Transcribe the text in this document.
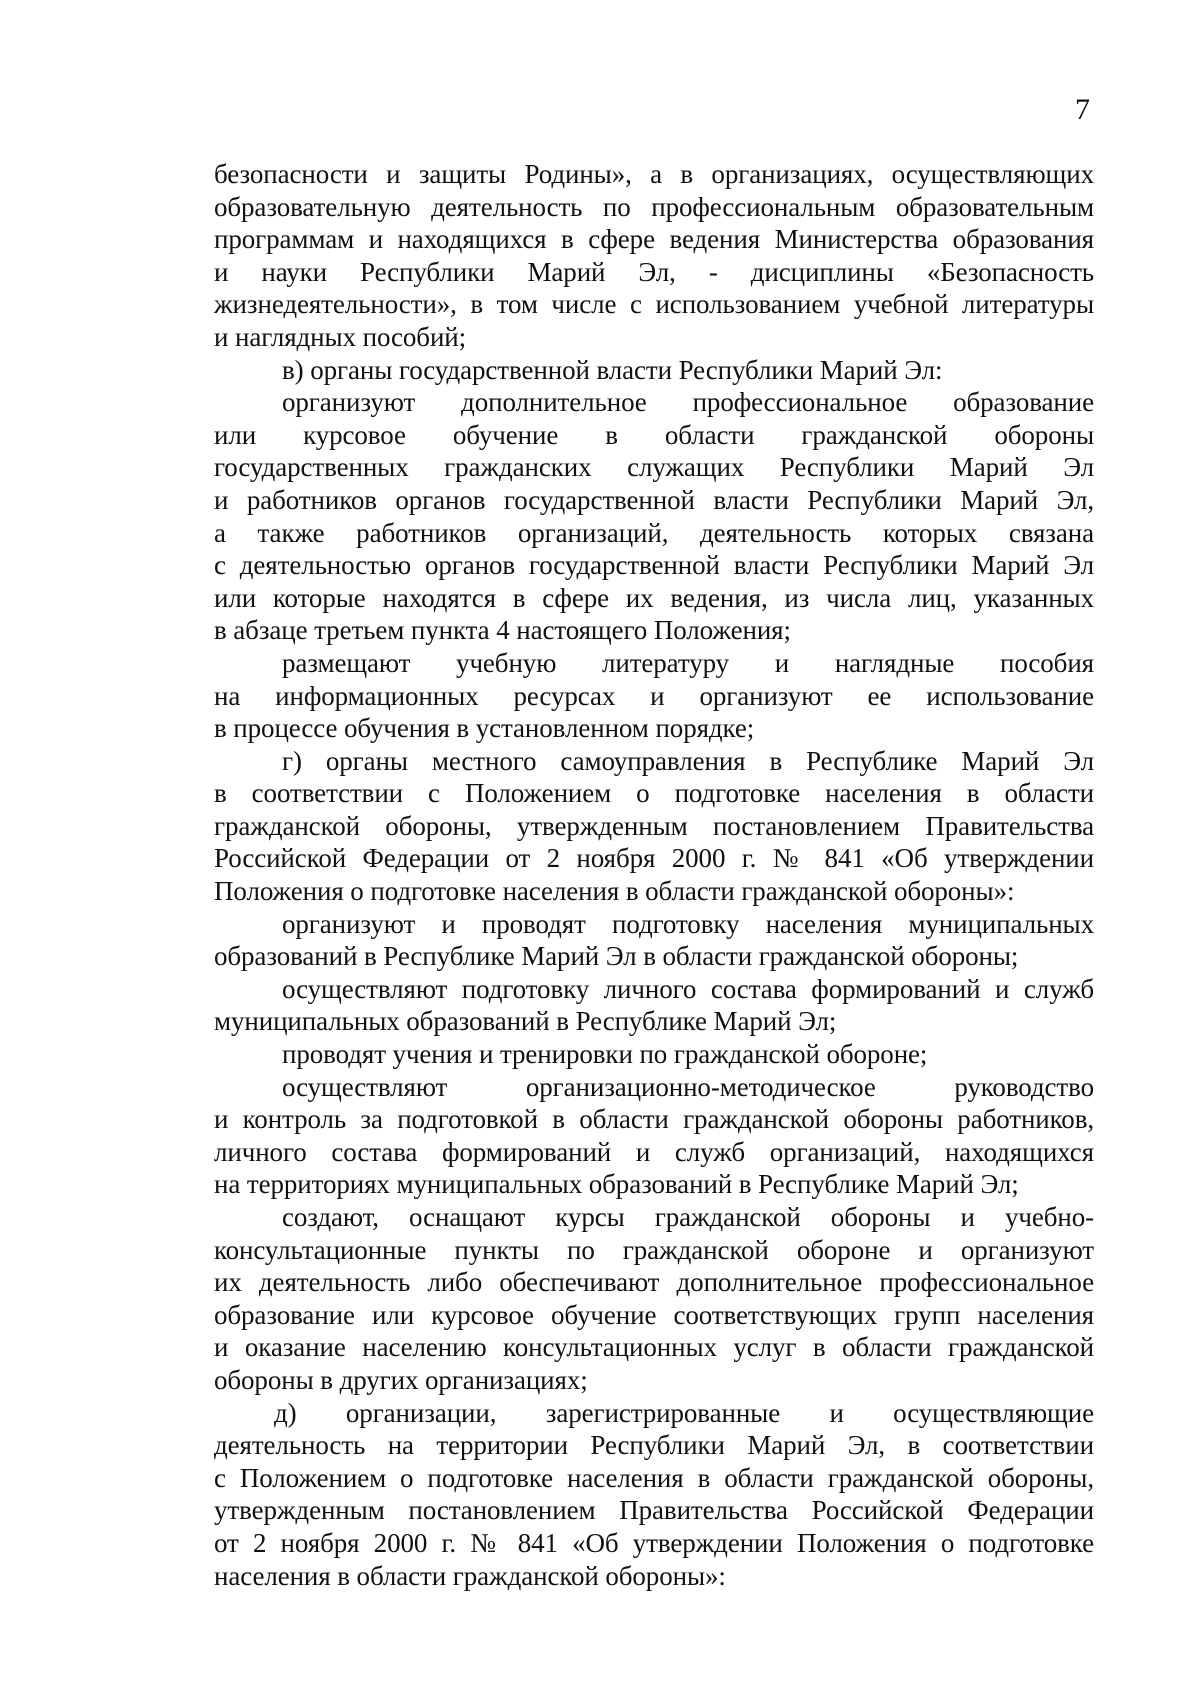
7
безопасности и защиты Родины», а в организациях, осуществляющих
образовательную деятельность по профессиональным образовательным
программам и находящихся в сфере ведения Министерства образования
и науки Республики Марий Эл, - дисциплины «Безопасность
жизнедеятельности», в том числе с использованием учебной литературы
и наглядных пособий;
в) органы государственной власти Республики Марий Эл:
организуют дополнительное профессиональное образование
или курсовое обучение в области гражданской обороны
государственных гражданских служащих Республики Марий Эл
и работников органов государственной власти Республики Марий Эл,
а также работников организаций, деятельность которых связана
с деятельностью органов государственной власти Республики Марий Эл
или которые находятся в сфере их ведения, из числа лиц, указанных
в абзаце третьем пункта 4 настоящего Положения;
размещают учебную литературу и наглядные пособия
на информационных ресурсах и организуют ее использование
в процессе обучения в установленном порядке;
г) органы местного самоуправления в Республике Марий Эл
в соответствии с Положением о подготовке населения в области
гражданской обороны, утвержденным постановлением Правительства
Российской Федерации от 2 ноября 2000 г. № 841 «Об утверждении
Положения о подготовке населения в области гражданской обороны»:
организуют и проводят подготовку населения муниципальных
образований в Республике Марий Эл в области гражданской обороны;
осуществляют подготовку личного состава формирований и служб
муниципальных образований в Республике Марий Эл;
проводят учения и тренировки по гражданской обороне;
осуществляют организационно-методическое руководство
и контроль за подготовкой в области гражданской обороны работников,
личного состава формирований и служб организаций, находящихся
на территориях муниципальных образований в Республике Марий Эл;
создают, оснащают курсы гражданской обороны и учебно-
консультационные пункты по гражданской обороне и организуют
их деятельность либо обеспечивают дополнительное профессиональное
образование или курсовое обучение соответствующих групп населения
и оказание населению консультационных услуг в области гражданской
обороны в других организациях;
д) организации, зарегистрированные и осуществляющие
деятельность на территории Республики Марий Эл, в соответствии
с Положением о подготовке населения в области гражданской обороны,
утвержденным постановлением Правительства Российской Федерации
от 2 ноября 2000 г. № 841 «Об утверждении Положения о подготовке
населения в области гражданской обороны»:
